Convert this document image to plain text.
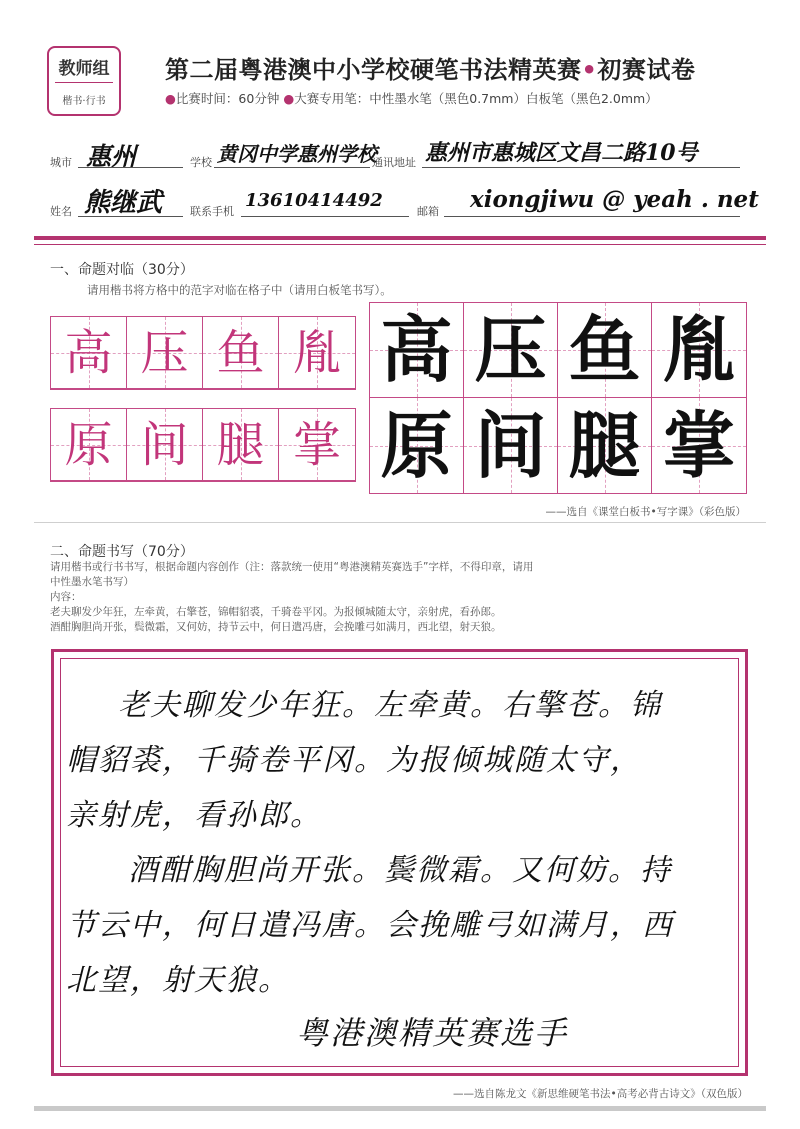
教师组
楷书·行书
第二届粤港澳中小学校硬笔书法精英赛•初赛试卷
●比赛时间：60分钟 ●大赛专用笔：中性墨水笔（黑色0.7mm）白板笔（黑色2.0mm）
城市 惠州	学校 黄冈中学惠州学校
通讯地址 惠州市惠城区文昌二路10号
姓名 熊继武	联系手机
13610414492
邮箱 xiongjiwu @ yeah . net
一、命题对临（30分）
请用楷书将方格中的范字对临在格子中（请用白板笔书写）。
高 压 鱼 胤
原 间 腿 掌
高 压 鱼 胤
原 间 腿 掌
——选自《课堂白板书•写字课》（彩色版）
二、命题书写（70分）
请用楷书或行书书写，根据命题内容创作（注：落款统一使用“粤港澳精英赛选手”字样，不得印章，请用
中性墨水笔书写）
内容：
老夫聊发少年狂，左牵黄，右擎苍，锦帽貂裘，千骑卷平冈。为报倾城随太守，亲射虎，看孙郎。
酒酣胸胆尚开张，鬓微霜，又何妨，持节云中，何日遣冯唐，会挽雕弓如满月，西北望，射天狼。
老夫聊发少年狂。左牵黄。右擎苍。锦
帽貂裘，千骑卷平冈。为报倾城随太守，
亲射虎，看孙郎。
酒酣胸胆尚开张。鬓微霜。又何妨。持
节云中，何日遣冯唐。会挽雕弓如满月，西
北望，射天狼。
粤港澳精英赛选手
——选自陈龙文《新思维硬笔书法•高考必背古诗文》（双色版）
